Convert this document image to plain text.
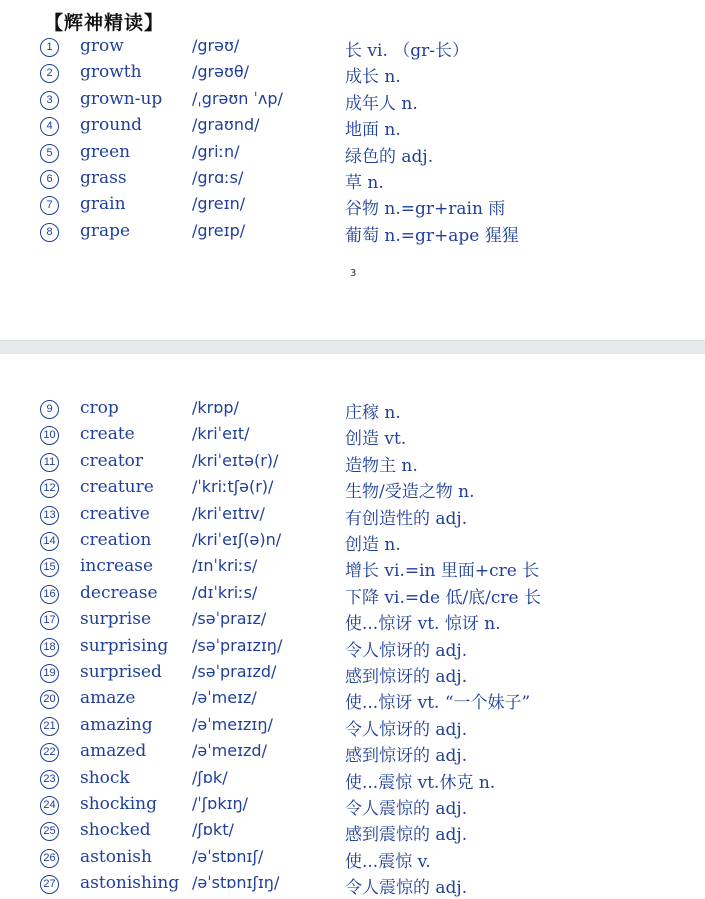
【辉神精读】
1	grow	/grəʊ/	长 vi. （gr-长）
2	growth	/grəʊθ/	成长 n.
3	grown-up /ˌgrəʊn ˈʌp/	成年人 n.
4	ground	/graʊnd/	地面 n.
5	green	/griːn/	绿色的 adj.
6	grass	/grɑːs/	草 n.
7	grain	/greɪn/	谷物 n.=gr+rain 雨
8	grape	/greɪp/	葡萄 n.=gr+ape 猩猩
3
9	crop	/krɒp/	庄稼 n.
10 create	/kriˈeɪt/	创造 vt.
11 creator	/kriˈeɪtə(r)/	造物主 n.
12 creature /ˈkriːtʃə(r)/	生物/受造之物 n.
13 creative	/kriˈeɪtɪv/	有创造性的 adj.
14 creation	/kriˈeɪʃ(ə)n/	创造 n.
15 increase /ɪnˈkriːs/	增长 vi.=in 里面+cre 长
16 decrease /dɪˈkriːs/	下降 vi.=de 低/底/cre 长
17 surprise	/səˈpraɪz/	使...惊讶 vt. 惊讶 n.
18 surprising /səˈpraɪzɪŋ/	令人惊讶的 adj.
19 surprised /səˈpraɪzd/	感到惊讶的 adj.
20 amaze	/əˈmeɪz/	使...惊讶 vt. “一个妹子”
21 amazing /əˈmeɪzɪŋ/	令人惊讶的 adj.
22 amazed	/əˈmeɪzd/	感到惊讶的 adj.
23 shock	/ʃɒk/	使...震惊 vt.休克 n.
24 shocking /ˈʃɒkɪŋ/	令人震惊的 adj.
25 shocked	/ʃɒkt/	感到震惊的 adj.
26 astonish	/əˈstɒnɪʃ/	使...震惊 v.
27 astonishing /əˈstɒnɪʃɪŋ/	令人震惊的 adj.
